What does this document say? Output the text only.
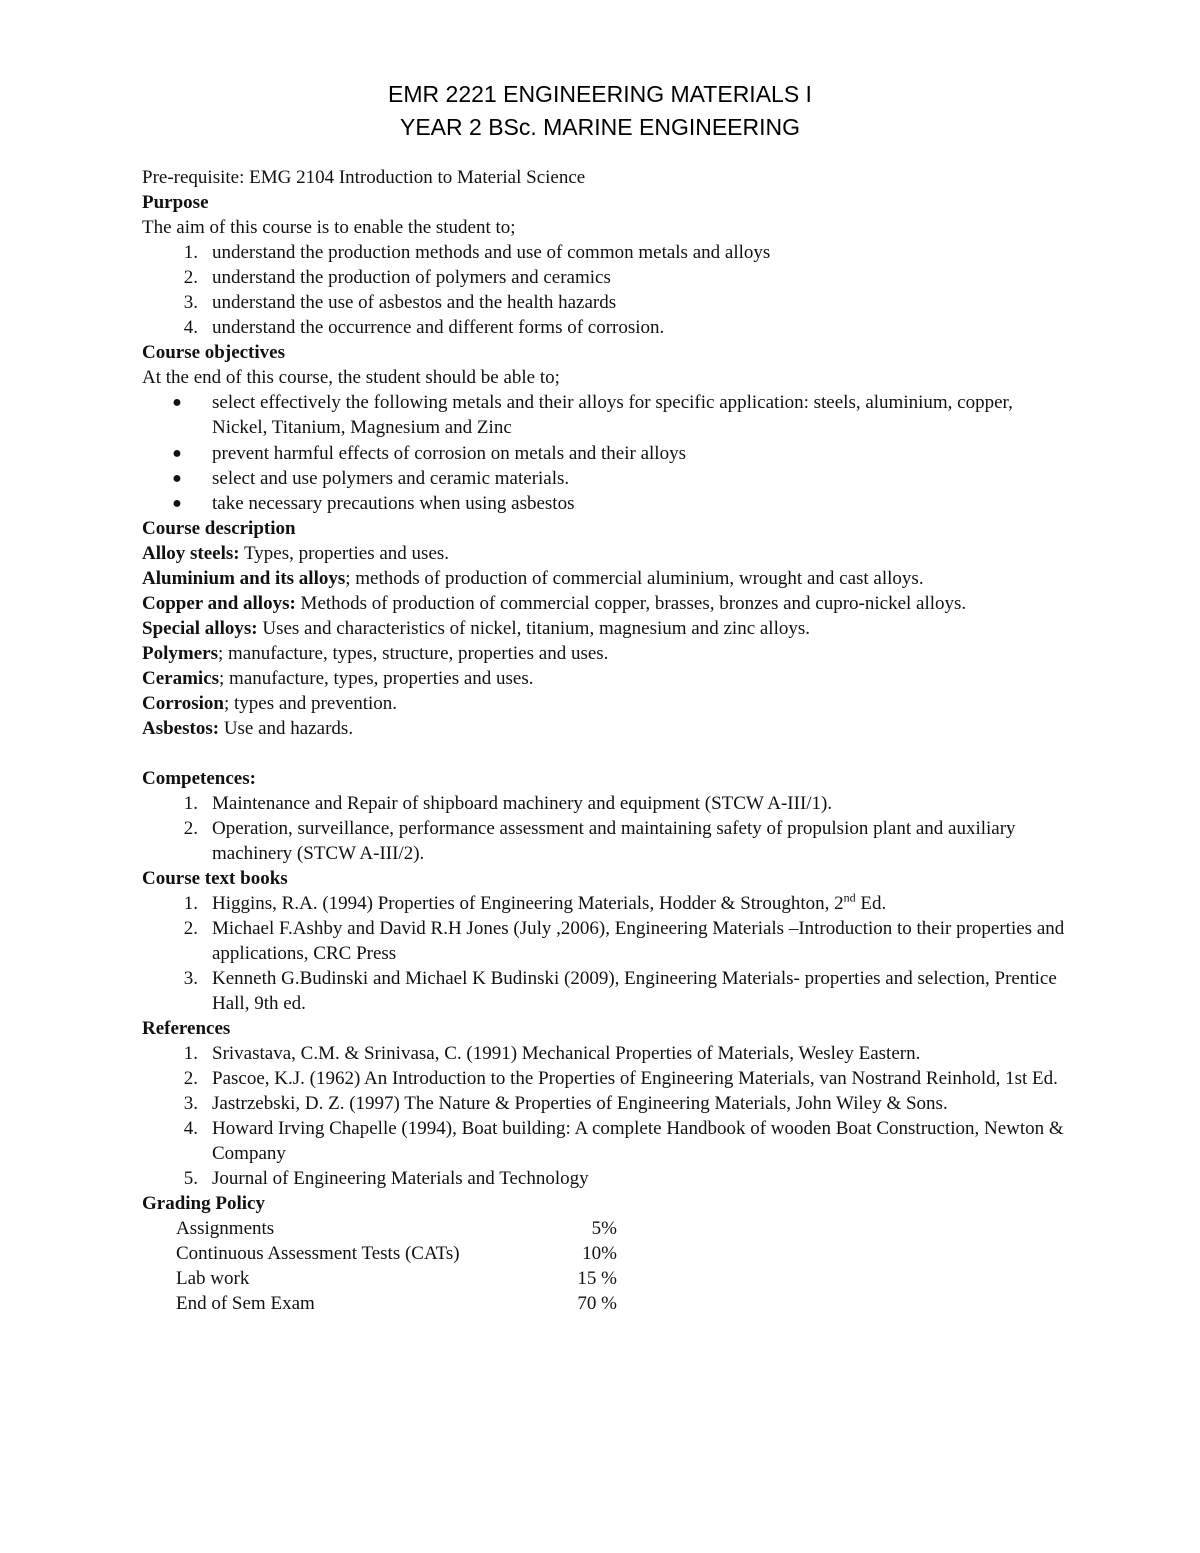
EMR 2221 ENGINEERING MATERIALS I
YEAR 2 BSc. MARINE ENGINEERING
Pre-requisite: EMG 2104 Introduction to Material Science
Purpose
The aim of this course is to enable the student to;
1. understand the production methods and use of common metals and alloys
2. understand the production of polymers and ceramics
3. understand the use of asbestos and the health hazards
4. understand the occurrence and different forms of corrosion.
Course objectives
At the end of this course, the student should be able to;
● select effectively the following metals and their alloys for specific application: steels, aluminium, copper, Nickel, Titanium, Magnesium and Zinc
● prevent harmful effects of corrosion on metals and their alloys
● select and use polymers and ceramic materials.
● take necessary precautions when using asbestos
Course description
Alloy steels: Types, properties and uses.
Aluminium and its alloys; methods of production of commercial aluminium, wrought and cast alloys.
Copper and alloys: Methods of production of commercial copper, brasses, bronzes and cupro-nickel alloys.
Special alloys: Uses and characteristics of nickel, titanium, magnesium and zinc alloys.
Polymers; manufacture, types, structure, properties and uses.
Ceramics; manufacture, types, properties and uses.
Corrosion; types and prevention.
Asbestos: Use and hazards.
Competences:
1. Maintenance and Repair of shipboard machinery and equipment (STCW A-III/1).
2. Operation, surveillance, performance assessment and maintaining safety of propulsion plant and auxiliary machinery (STCW A-III/2).
Course text books
1. Higgins, R.A. (1994) Properties of Engineering Materials, Hodder & Stroughton, 2nd Ed.
2. Michael F.Ashby and David R.H Jones (July ,2006), Engineering Materials –Introduction to their properties and applications, CRC Press
3. Kenneth G.Budinski and Michael K Budinski (2009), Engineering Materials- properties and selection, Prentice Hall, 9th ed.
References
1. Srivastava, C.M. & Srinivasa, C. (1991) Mechanical Properties of Materials, Wesley Eastern.
2. Pascoe, K.J. (1962) An Introduction to the Properties of Engineering Materials, van Nostrand Reinhold, 1st Ed.
3. Jastrzebski, D. Z. (1997) The Nature & Properties of Engineering Materials, John Wiley & Sons.
4. Howard Irving Chapelle (1994), Boat building: A complete Handbook of wooden Boat Construction, Newton & Company
5. Journal of Engineering Materials and Technology
Grading Policy
Assignments	5%
Continuous Assessment Tests (CATs)	10%
Lab work	15 %
End of Sem Exam	70 %
